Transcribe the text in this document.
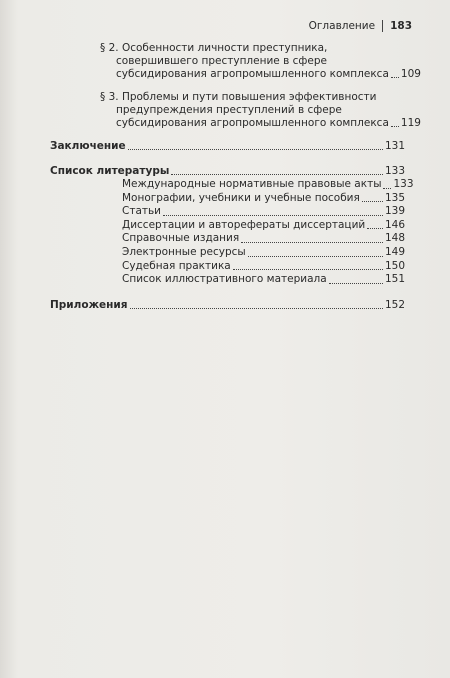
Оглавление 183
§ 2. Особенности личности преступника,
совершившего преступление в сфере
субсидирования агропромышленного комплекса 109
§ 3. Проблемы и пути повышения эффективности
предупреждения преступлений в сфере
субсидирования агропромышленного комплекса 119
Заключение	131
Список литературы	133
Международные нормативные правовые акты 133
Монографии, учебники и учебные пособия 135
Статьи	139
Диссертации и авторефераты диссертаций 146
Справочные издания	148
Электронные ресурсы	149
Судебная практика	150
Список иллюстративного материала	151
Приложения	152
